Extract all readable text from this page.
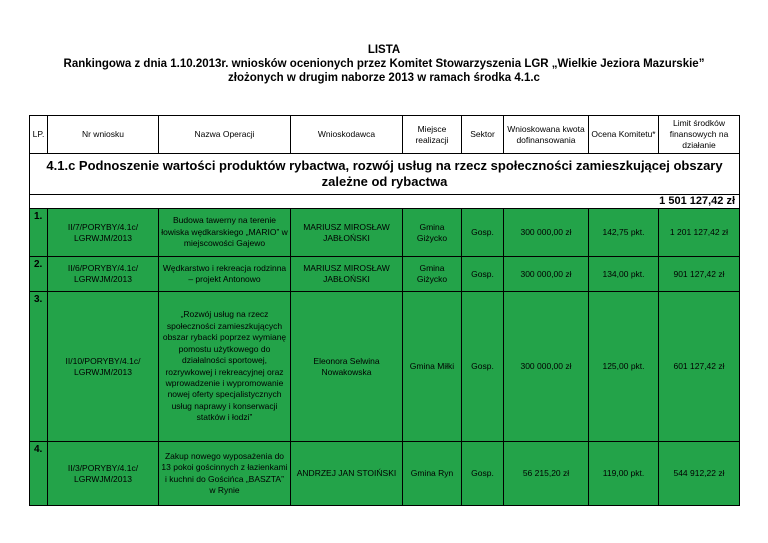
LISTA
Rankingowa z dnia 1.10.2013r. wniosków ocenionych przez Komitet Stowarzyszenia LGR „Wielkie Jeziora Mazurskie”
złożonych w drugim naborze 2013 w ramach środka 4.1.c
LP.	Nr wniosku	Nazwa Operacji	Wnioskodawca	Miejsce realizacji	Sektor	Wnioskowana kwota dofinansowania	Ocena Komitetu*	Limit środków finansowych na działanie
4.1.c Podnoszenie wartości produktów rybactwa, rozwój usług na rzecz społeczności zamieszkującej obszary zależne od rybactwa								
1 501 127,42 zł								
1.	II/7/PORYBY/4.1c/ LGRWJM/2013	Budowa tawerny na terenie łowiska wędkarskiego „MARIO” w miejscowości Gajewo	MARIUSZ MIROSŁAW JABŁOŃSKI	Gmina Giżycko	Gosp.	300 000,00 zł	142,75 pkt.	1 201 127,42 zł
2.	II/6/PORYBY/4.1c/ LGRWJM/2013	Wędkarstwo i rekreacja rodzinna – projekt Antonowo	MARIUSZ MIROSŁAW JABŁOŃSKI	Gmina Giżycko	Gosp.	300 000,00 zł	134,00 pkt.	901 127,42 zł
3.	II/10/PORYBY/4.1c/ LGRWJM/2013	„Rozwój usług na rzecz społeczności zamieszkujących obszar rybacki poprzez wymianę pomostu użytkowego do działalności sportowej, rozrywkowej i rekreacyjnej oraz wprowadzenie i wypromowanie nowej oferty specjalistycznych usług naprawy i konserwacji statków i łodzi”	Eleonora Selwina Nowakowska	Gmina Miłki	Gosp.	300 000,00 zł	125,00 pkt.	601 127,42 zł
4.	II/3/PORYBY/4.1c/ LGRWJM/2013	Zakup nowego wyposażenia do 13 pokoi gościnnych z łazienkami i kuchni do Gościńca „BASZTA” w Rynie	ANDRZEJ JAN STOIŃSKI	Gmina Ryn	Gosp.	56 215,20 zł	119,00 pkt.	544 912,22 zł
